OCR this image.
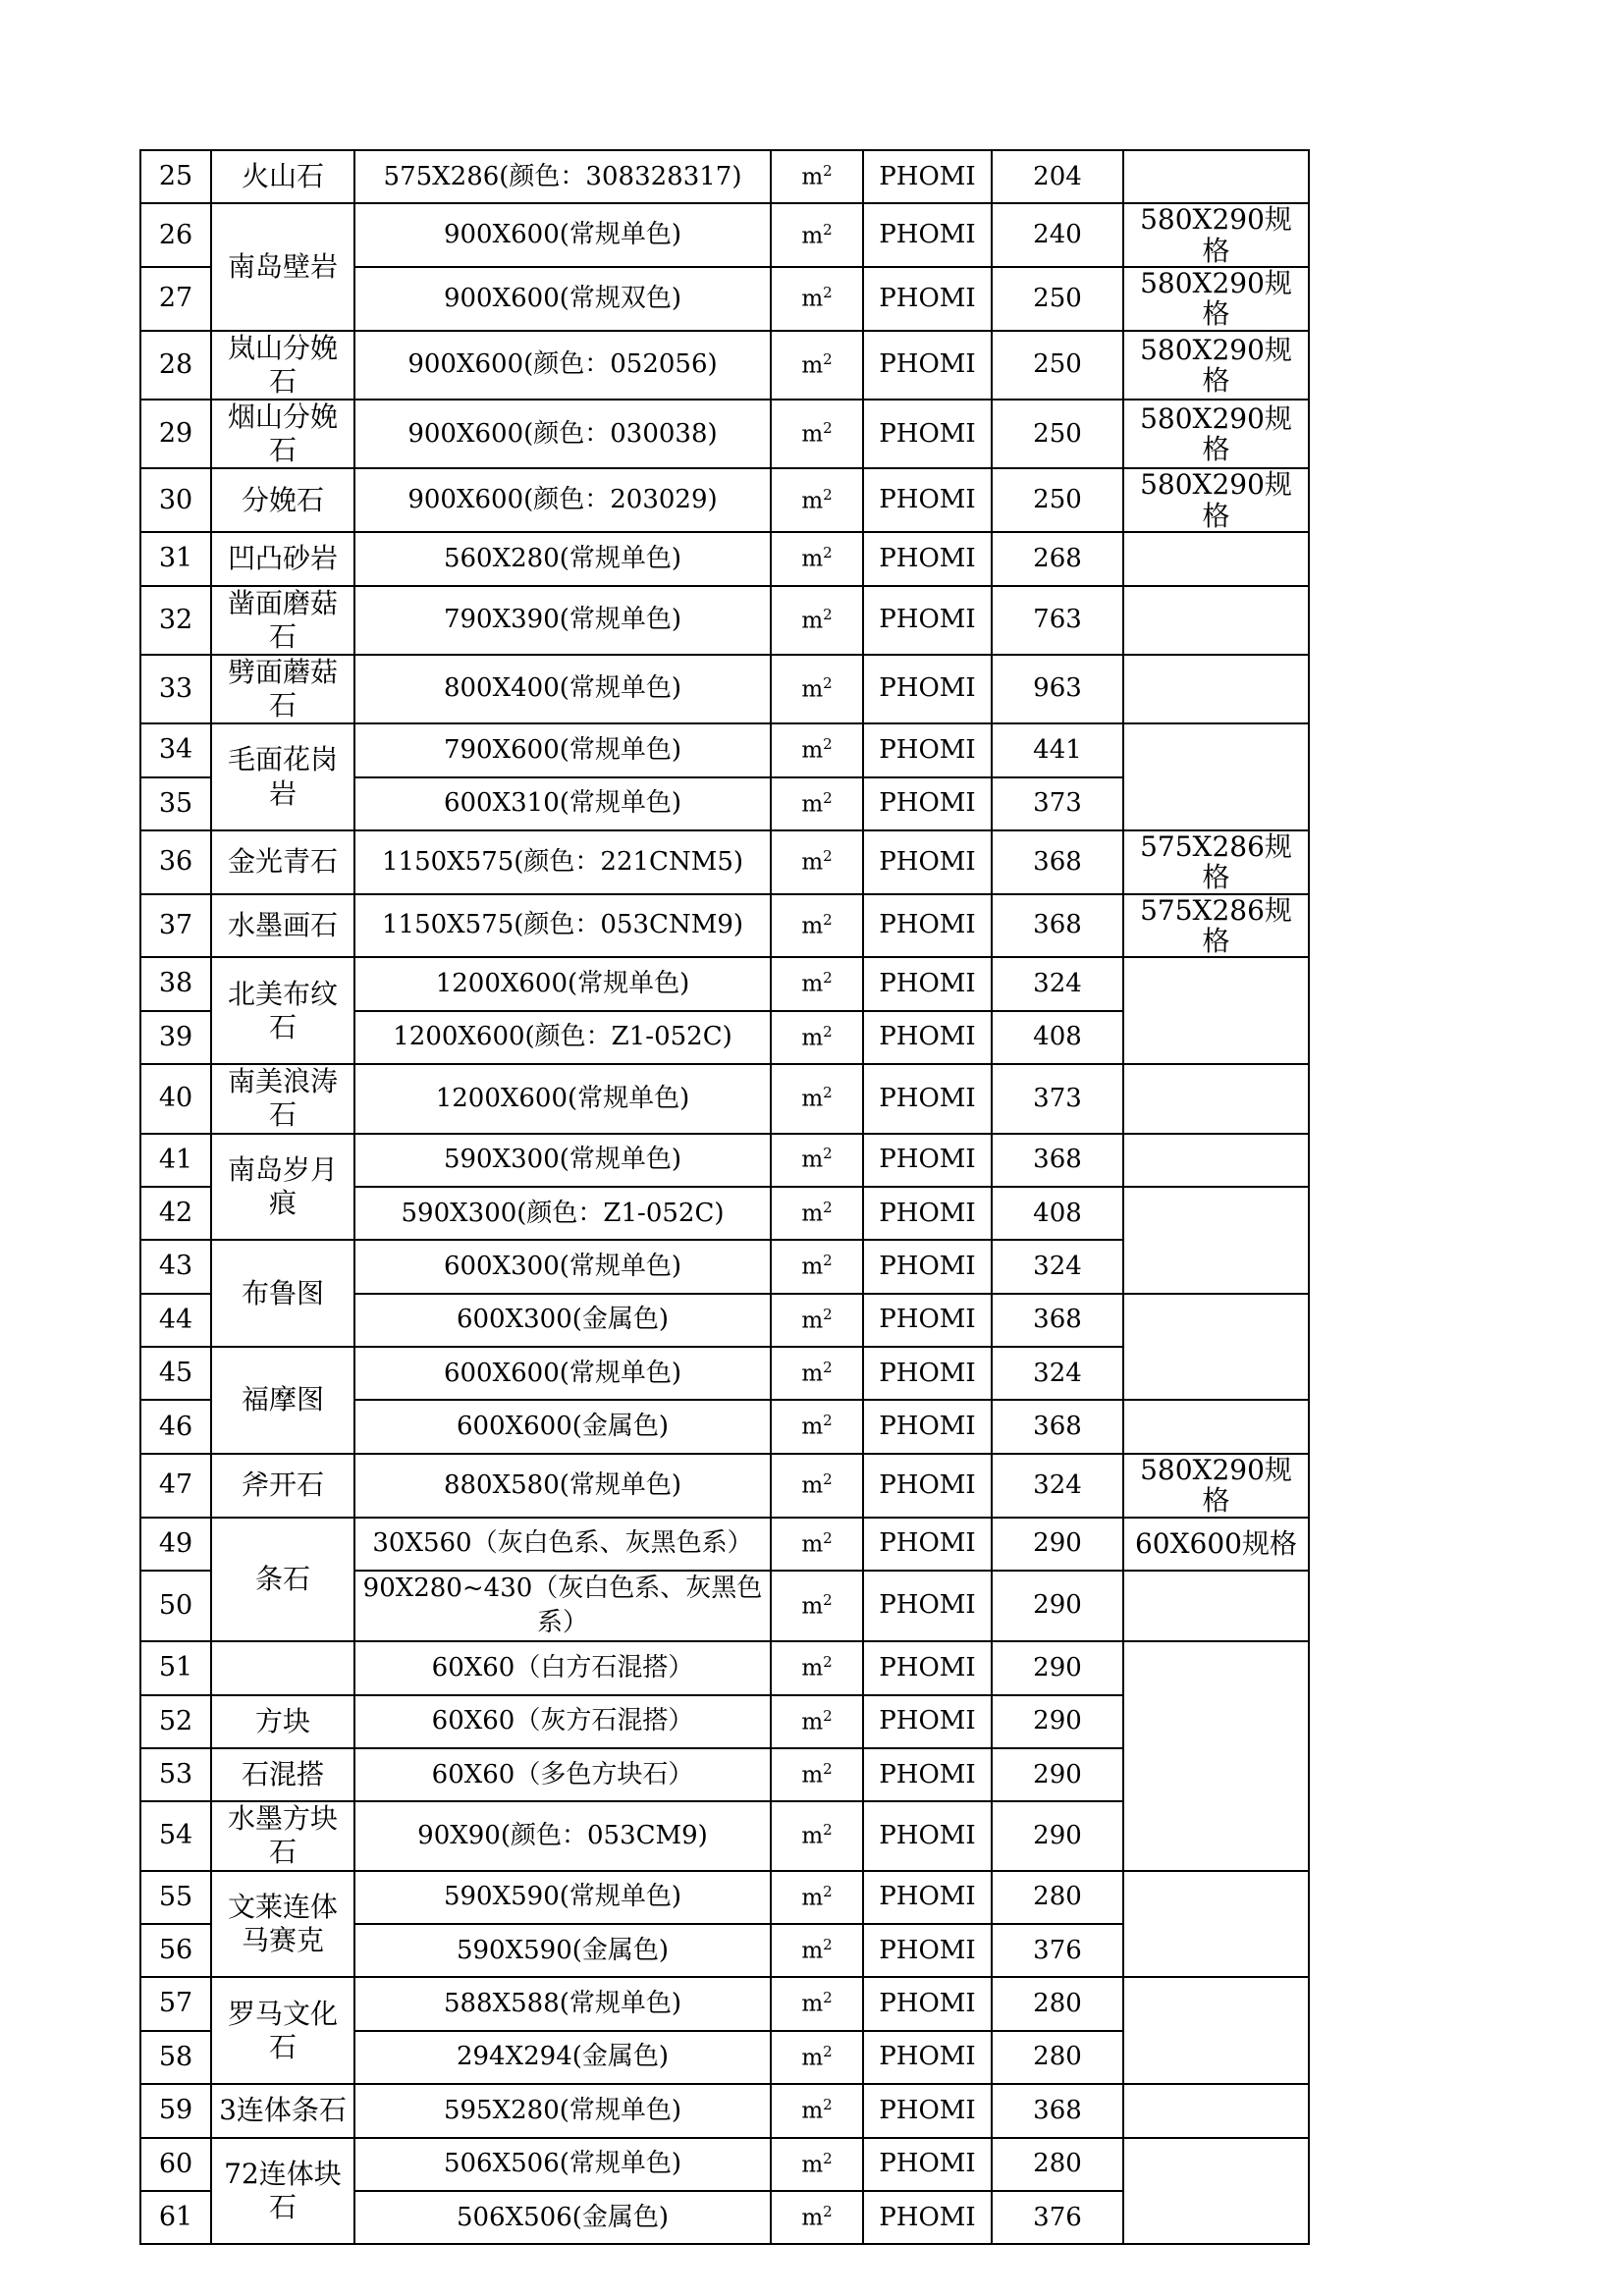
25	火山石	575X286(颜色：308328317)	$m^2$	PHOMI	204	
26	南岛壁岩	900X600(常规单色)	$m^2$	PHOMI	240	580X290规格
27		900X600(常规双色)	$m^2$	PHOMI	250	580X290规格
28	岚山分娩石	900X600(颜色：052056)	$m^2$	PHOMI	250	580X290规格
29	烟山分娩石	900X600(颜色：030038)	$m^2$	PHOMI	250	580X290规格
30	分娩石	900X600(颜色：203029)	$m^2$	PHOMI	250	580X290规格
31	凹凸砂岩	560X280(常规单色)	$m^2$	PHOMI	268	
32	凿面磨菇石	790X390(常规单色)	$m^2$	PHOMI	763	
33	劈面蘑菇石	800X400(常规单色)	$m^2$	PHOMI	963	
34	毛面花岗岩	790X600(常规单色)	$m^2$	PHOMI	441	
35		600X310(常规单色)	$m^2$	PHOMI	373	
36	金光青石	1150X575(颜色：221CNM5)	$m^2$	PHOMI	368	575X286规格
37	水墨画石	1150X575(颜色：053CNM9)	$m^2$	PHOMI	368	575X286规格
38	北美布纹石	1200X600(常规单色)	$m^2$	PHOMI	324	
39		1200X600(颜色：Z1-052C)	$m^2$	PHOMI	408	
40	南美浪涛石	1200X600(常规单色)	$m^2$	PHOMI	373	
41	南岛岁月痕	590X300(常规单色)	$m^2$	PHOMI	368	
42		590X300(颜色：Z1-052C)	$m^2$	PHOMI	408	
43	布鲁图	600X300(常规单色)	$m^2$	PHOMI	324	
44		600X300(金属色)	$m^2$	PHOMI	368	
45	福摩图	600X600(常规单色)	$m^2$	PHOMI	324	
46		600X600(金属色)	$m^2$	PHOMI	368	
47	斧开石	880X580(常规单色)	$m^2$	PHOMI	324	580X290规格
49	条石	30X560（灰白色系、灰黑色系）	$m^2$	PHOMI	290	60X600规格
50		90X280~430（灰白色系、灰黑色系）	$m^2$	PHOMI	290	
51		60X60（白方石混搭）	$m^2$	PHOMI	290	
52	方块	60X60（灰方石混搭）	$m^2$	PHOMI	290	
53	石混搭	60X60（多色方块石）	$m^2$	PHOMI	290	
54	水墨方块石	90X90(颜色：053CM9)	$m^2$	PHOMI	290	
55	文莱连体马赛克	590X590(常规单色)	$m^2$	PHOMI	280	
56		590X590(金属色)	$m^2$	PHOMI	376	
57	罗马文化石	588X588(常规单色)	$m^2$	PHOMI	280	
58		294X294(金属色)	$m^2$	PHOMI	280	
59	3连体条石	595X280(常规单色)	$m^2$	PHOMI	368	
60	72连体块石	506X506(常规单色)	$m^2$	PHOMI	280	
61		506X506(金属色)	$m^2$	PHOMI	376	
